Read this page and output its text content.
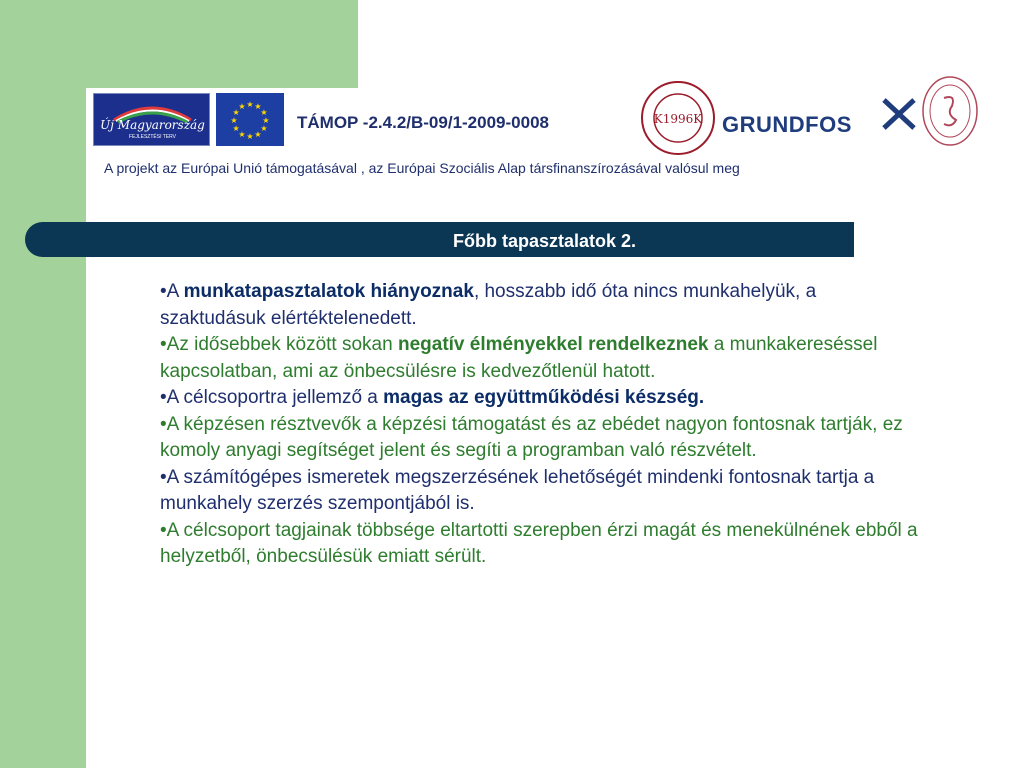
Új Magyarország
FEJLESZTÉSI TERV
★ ★
★
★
★
★
★
★
★
★
★
★
TÁMOP -2.4.2/B-09/1-2009-0008	K1996K GRUNDFOS
A projekt az Európai Unió támogatásával , az Európai Szociális Alap társfinanszírozásával valósul meg
Főbb tapasztalatok 2.

•A munkatapasztalatok hiányoznak, hosszabb idő óta nincs munkahelyük, a szaktudásuk elértéktelenedett.

•Az idősebbek között sokan negatív élményekkel rendelkeznek a munkakereséssel kapcsolatban, ami az önbecsülésre is kedvezőtlenül hatott.

•A célcsoportra jellemző a magas az együttműködési készség.

•A képzésen résztvevők a képzési támogatást és az ebédet nagyon fontosnak tartják, ez komoly anyagi segítséget jelent és segíti a programban való részvételt.

•A számítógépes ismeretek megszerzésének lehetőségét mindenki fontosnak tartja a munkahely szerzés szempontjából is.

•A célcsoport tagjainak többsége eltartotti szerepben érzi magát és menekülnének ebből a helyzetből, önbecsülésük emiatt sérült.
